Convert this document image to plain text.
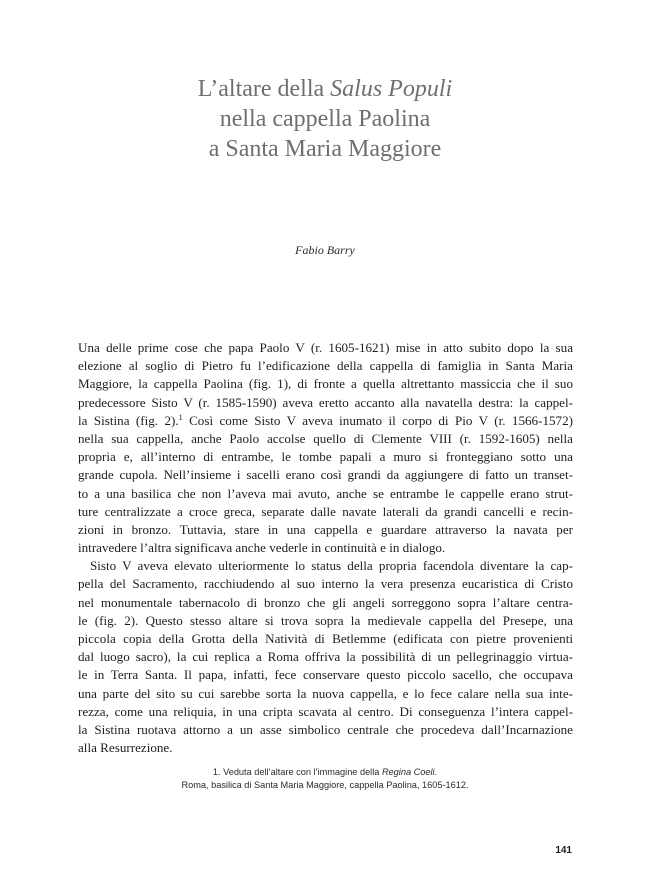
L’altare della Salus Populi
nella cappella Paolina
a Santa Maria Maggiore
Fabio Barry
Una delle prime cose che papa Paolo V (r. 1605-1621) mise in atto subito dopo la sua
elezione al soglio di Pietro fu l’edificazione della cappella di famiglia in Santa Maria
Maggiore, la cappella Paolina (fig. 1), di fronte a quella altrettanto massiccia che il suo
predecessore Sisto V (r. 1585-1590) aveva eretto accanto alla navatella destra: la cappel-
la Sistina (fig. 2).$^1$ Così come Sisto V aveva inumato il corpo di Pio V (r. 1566-1572)
nella sua cappella, anche Paolo accolse quello di Clemente VIII (r. 1592-1605) nella
propria e, all’interno di entrambe, le tombe papali a muro si fronteggiano sotto una
grande cupola. Nell’insieme i sacelli erano così grandi da aggiungere di fatto un transet-
to a una basilica che non l’aveva mai avuto, anche se entrambe le cappelle erano strut-
ture centralizzate a croce greca, separate dalle navate laterali da grandi cancelli e recin-
zioni in bronzo. Tuttavia, stare in una cappella e guardare attraverso la navata per
intravedere l’altra significava anche vederle in continuità e in dialogo.
Sisto V aveva elevato ulteriormente lo status della propria facendola diventare la cap-
pella del Sacramento, racchiudendo al suo interno la vera presenza eucaristica di Cristo
nel monumentale tabernacolo di bronzo che gli angeli sorreggono sopra l’altare centra-
le (fig. 2). Questo stesso altare si trova sopra la medievale cappella del Presepe, una
piccola copia della Grotta della Natività di Betlemme (edificata con pietre provenienti
dal luogo sacro), la cui replica a Roma offriva la possibilità di un pellegrinaggio virtua-
le in Terra Santa. Il papa, infatti, fece conservare questo piccolo sacello, che occupava
una parte del sito su cui sarebbe sorta la nuova cappella, e lo fece calare nella sua inte-
rezza, come una reliquia, in una cripta scavata al centro. Di conseguenza l’intera cappel-
la Sistina ruotava attorno a un asse simbolico centrale che procedeva dall’Incarnazione
alla Resurrezione.
1. Veduta dell’altare con l’immagine della Regina Coeli.
Roma, basilica di Santa Maria Maggiore, cappella Paolina, 1605-1612.
141
